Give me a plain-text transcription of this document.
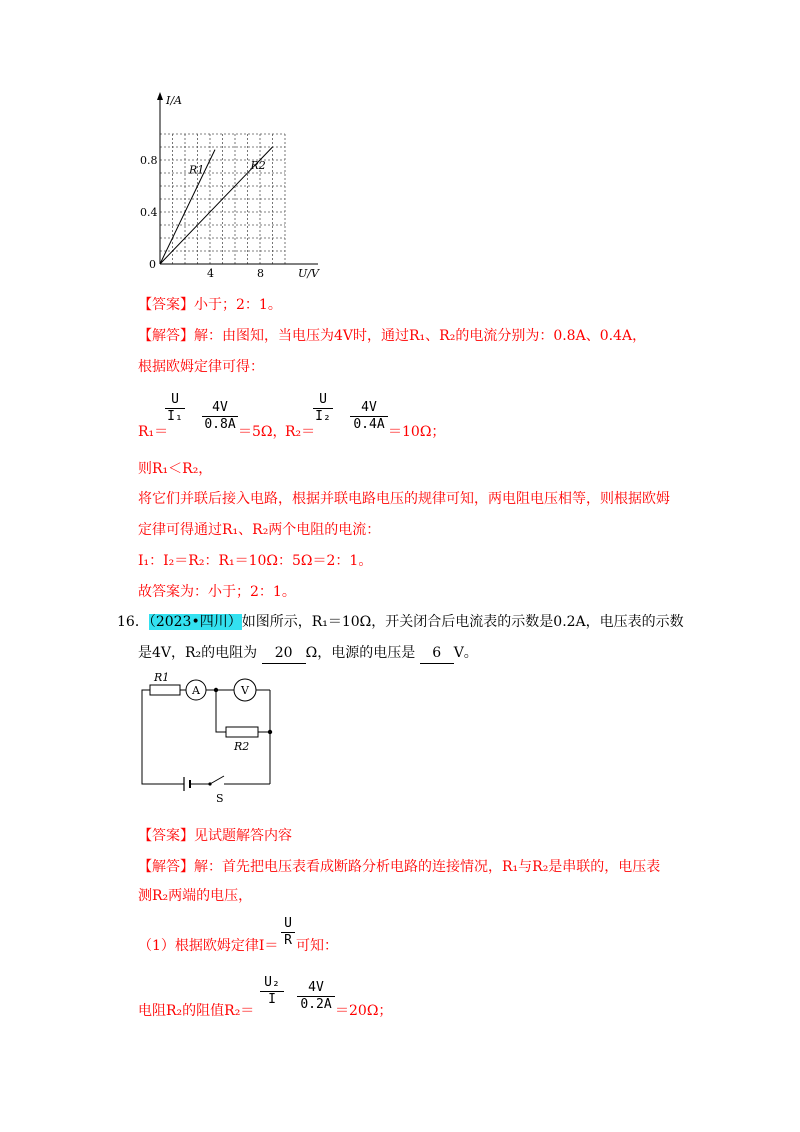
I/A
U/V
0
4	8
0.4
0.8
R1	R2
【答案】小于；2：1。
【解答】解：由图知，当电压为4V时，通过R₁、R₂的电流分别为：0.8A、0.4A，
根据欧姆定律可得：
R₁＝
U
I₁
4V
0.8A ＝5Ω，
R₂＝
U
I₂
4V
0.4A ＝10Ω；
则R₁＜R₂，
将它们并联后接入电路，根据并联电路电压的规律可知，两电阻电压相等，则根据欧姆
定律可得通过R₁、R₂两个电阻的电流：
I₁：I₂＝R₂：R₁＝10Ω：5Ω＝2：1。
故答案为：小于；2：1。
16．（2023•四川）如图所示，R₁＝10Ω，开关闭合后电流表的示数是0.2A，电压表的示数
是4V，R₂的电阻为 20 Ω，电源的电压是 6 V。
R1
A	V
R2
S
【答案】见试题解答内容
【解答】解：首先把电压表看成断路分析电路的连接情况，R₁与R₂是串联的，电压表
测R₂两端的电压，
（1）根据欧姆定律I＝
U
R 可知：
电阻R₂的阻值R₂＝
U₂
I
4V
0.2A ＝20Ω；
